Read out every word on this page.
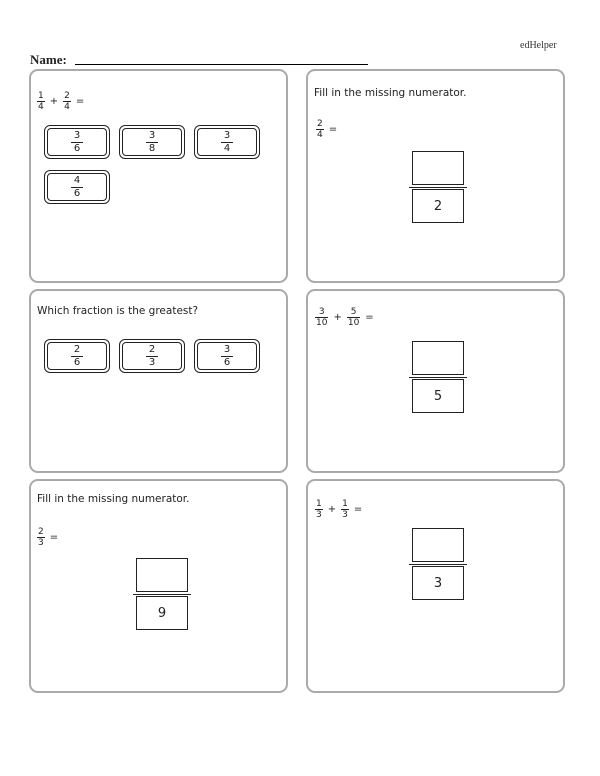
edHelper
Name:
$\frac{1}{4} + \frac{2}{4}$ =
$\frac{3}{6}$	$\frac{3}{8}$	$\frac{3}{4}$
$\frac{4}{6}$
Fill in the missing numerator.
$\frac{2}{4}$ =
2
Which fraction is the greatest?
$\frac{2}{6}$	$\frac{2}{3}$	$\frac{3}{6}$
$\frac{3}{10} + \frac{5}{10}$ =
5
Fill in the missing numerator.
$\frac{2}{3}$ =
9
$\frac{1}{3} + \frac{1}{3}$ =
3
